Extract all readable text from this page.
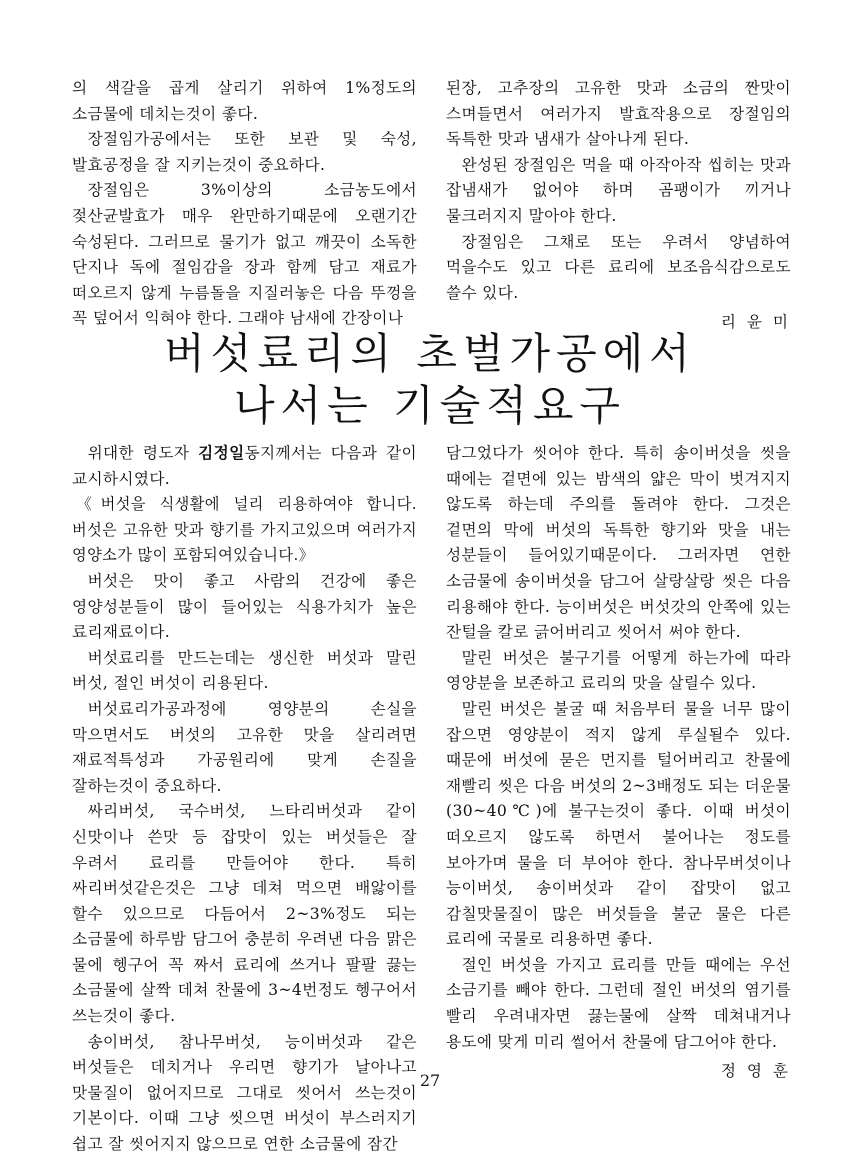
의 색갈을 곱게 살리기 위하여 1%정도의 소금물에 데치는것이 좋다.

장절임가공에서는 또한 보관 및 숙성, 발효공정을 잘 지키는것이 중요하다.

장절임은 3%이상의 소금농도에서 젖산균발효가 매우 완만하기때문에 오랜기간 숙성된다. 그러므로 물기가 없고 깨끗이 소독한 단지나 독에 절임감을 장과 함께 담고 재료가 떠오르지 않게 누름돌을 지질러놓은 다음 뚜껑을 꼭 덮어서 익혀야 한다. 그래야 남새에 간장이나

된장, 고추장의 고유한 맛과 소금의 짠맛이 스며들면서 여러가지 발효작용으로 장절임의 독특한 맛과 냄새가 살아나게 된다.

완성된 장절임은 먹을 때 아작아작 씹히는 맛과 잡냄새가 없어야 하며 곰팽이가 끼거나 물크러지지 말아야 한다.

장절임은 그채로 또는 우려서 양념하여 먹을수도 있고 다른 료리에 보조음식감으로도 쓸수 있다.

리 윤 미
버섯료리의 초벌가공에서
나서는 기술적요구

위대한 령도자 김정일동지께서는 다음과 같이 교시하시였다.

《버섯을 식생활에 널리 리용하여야 합니다. 버섯은 고유한 맛과 향기를 가지고있으며 여러가지 영양소가 많이 포함되여있습니다.》

버섯은 맛이 좋고 사람의 건강에 좋은 영양성분들이 많이 들어있는 식용가치가 높은 료리재료이다.

버섯료리를 만드는데는 생신한 버섯과 말린 버섯, 절인 버섯이 리용된다.

버섯료리가공과정에 영양분의 손실을 막으면서도 버섯의 고유한 맛을 살리려면 재료적특성과 가공원리에 맞게 손질을 잘하는것이 중요하다.

싸리버섯, 국수버섯, 느타리버섯과 같이 신맛이나 쓴맛 등 잡맛이 있는 버섯들은 잘 우려서 료리를 만들어야 한다. 특히 싸리버섯같은것은 그냥 데쳐 먹으면 배앓이를 할수 있으므로 다듬어서 2~3%정도 되는 소금물에 하루밤 담그어 충분히 우려낸 다음 맑은 물에 헹구어 꼭 짜서 료리에 쓰거나 팔팔 끓는 소금물에 살짝 데쳐 찬물에 3~4번정도 헹구어서 쓰는것이 좋다.

송이버섯, 참나무버섯, 능이버섯과 같은 버섯들은 데치거나 우리면 향기가 날아나고 맛물질이 없어지므로 그대로 씻어서 쓰는것이 기본이다. 이때 그냥 씻으면 버섯이 부스러지기 쉽고 잘 씻어지지 않으므로 연한 소금물에 잠간

담그었다가 씻어야 한다. 특히 송이버섯을 씻을 때에는 겉면에 있는 밤색의 얇은 막이 벗겨지지 않도록 하는데 주의를 돌려야 한다. 그것은 겉면의 막에 버섯의 독특한 향기와 맛을 내는 성분들이 들어있기때문이다. 그러자면 연한 소금물에 송이버섯을 담그어 살랑살랑 씻은 다음 리용해야 한다. 능이버섯은 버섯갓의 안쪽에 있는 잔털을 칼로 긁어버리고 씻어서 써야 한다.

말린 버섯은 불구기를 어떻게 하는가에 따라 영양분을 보존하고 료리의 맛을 살릴수 있다.

말린 버섯은 불굴 때 처음부터 물을 너무 많이 잡으면 영양분이 적지 않게 루실될수 있다. 때문에 버섯에 묻은 먼지를 털어버리고 찬물에 재빨리 씻은 다음 버섯의 2~3배정도 되는 더운물(30~40℃)에 불구는것이 좋다. 이때 버섯이 떠오르지 않도록 하면서 불어나는 정도를 보아가며 물을 더 부어야 한다. 참나무버섯이나 능이버섯, 송이버섯과 같이 잡맛이 없고 감칠맛물질이 많은 버섯들을 불군 물은 다른 료리에 국물로 리용하면 좋다.

절인 버섯을 가지고 료리를 만들 때에는 우선 소금기를 빼야 한다. 그런데 절인 버섯의 염기를 빨리 우려내자면 끓는물에 살짝 데쳐내거나 용도에 맞게 미리 썰어서 찬물에 담그어야 한다.

정 영 훈
27
